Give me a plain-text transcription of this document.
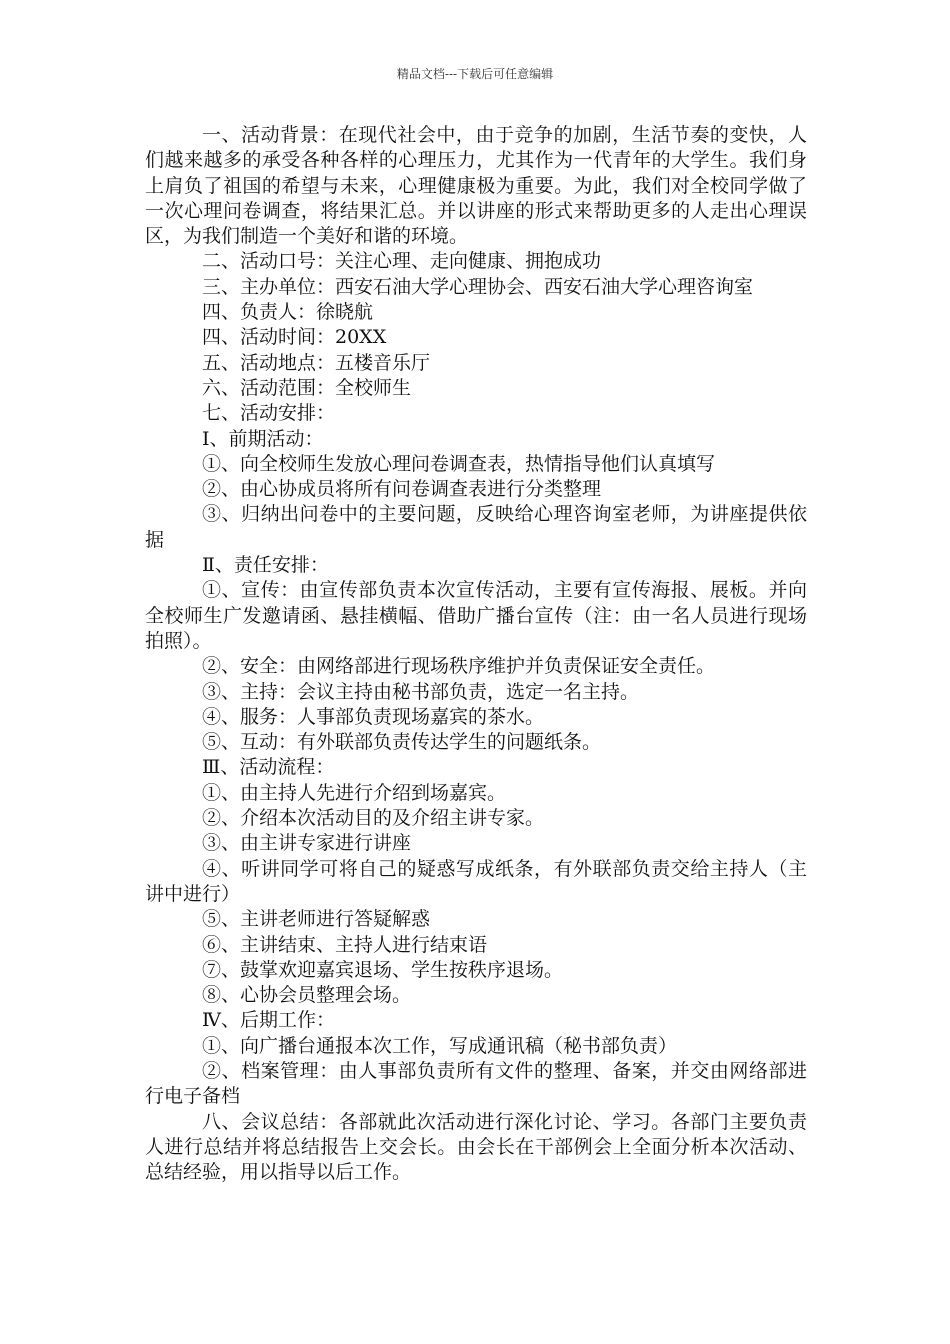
精品文档---下载后可任意编辑

一、活动背景：在现代社会中，由于竞争的加剧，生活节奏的变快，人们越来越多的承受各种各样的心理压力，尤其作为一代青年的大学生。我们身上肩负了祖国的希望与未来，心理健康极为重要。为此，我们对全校同学做了一次心理问卷调查，将结果汇总。并以讲座的形式来帮助更多的人走出心理误区，为我们制造一个美好和谐的环境。

二、活动口号：关注心理、走向健康、拥抱成功

三、主办单位：西安石油大学心理协会、西安石油大学心理咨询室

四、负责人：徐晓航

四、活动时间：20XX

五、活动地点：五楼音乐厅

六、活动范围：全校师生

七、活动安排：

Ⅰ、前期活动：

①、向全校师生发放心理问卷调查表，热情指导他们认真填写

②、由心协成员将所有问卷调查表进行分类整理

③、归纳出问卷中的主要问题，反映给心理咨询室老师，为讲座提供依据

Ⅱ、责任安排：

①、宣传：由宣传部负责本次宣传活动，主要有宣传海报、展板。并向全校师生广发邀请函、悬挂横幅、借助广播台宣传（注：由一名人员进行现场拍照）。

②、安全：由网络部进行现场秩序维护并负责保证安全责任。

③、主持：会议主持由秘书部负责，选定一名主持。

④、服务：人事部负责现场嘉宾的茶水。

⑤、互动：有外联部负责传达学生的问题纸条。

Ⅲ、活动流程：

①、由主持人先进行介绍到场嘉宾。

②、介绍本次活动目的及介绍主讲专家。

③、由主讲专家进行讲座

④、听讲同学可将自己的疑惑写成纸条，有外联部负责交给主持人（主讲中进行）

⑤、主讲老师进行答疑解惑

⑥、主讲结束、主持人进行结束语

⑦、鼓掌欢迎嘉宾退场、学生按秩序退场。

⑧、心协会员整理会场。

Ⅳ、后期工作：

①、向广播台通报本次工作，写成通讯稿（秘书部负责）

②、档案管理：由人事部负责所有文件的整理、备案，并交由网络部进行电子备档

八、会议总结：各部就此次活动进行深化讨论、学习。各部门主要负责人进行总结并将总结报告上交会长。由会长在干部例会上全面分析本次活动、总结经验，用以指导以后工作。
